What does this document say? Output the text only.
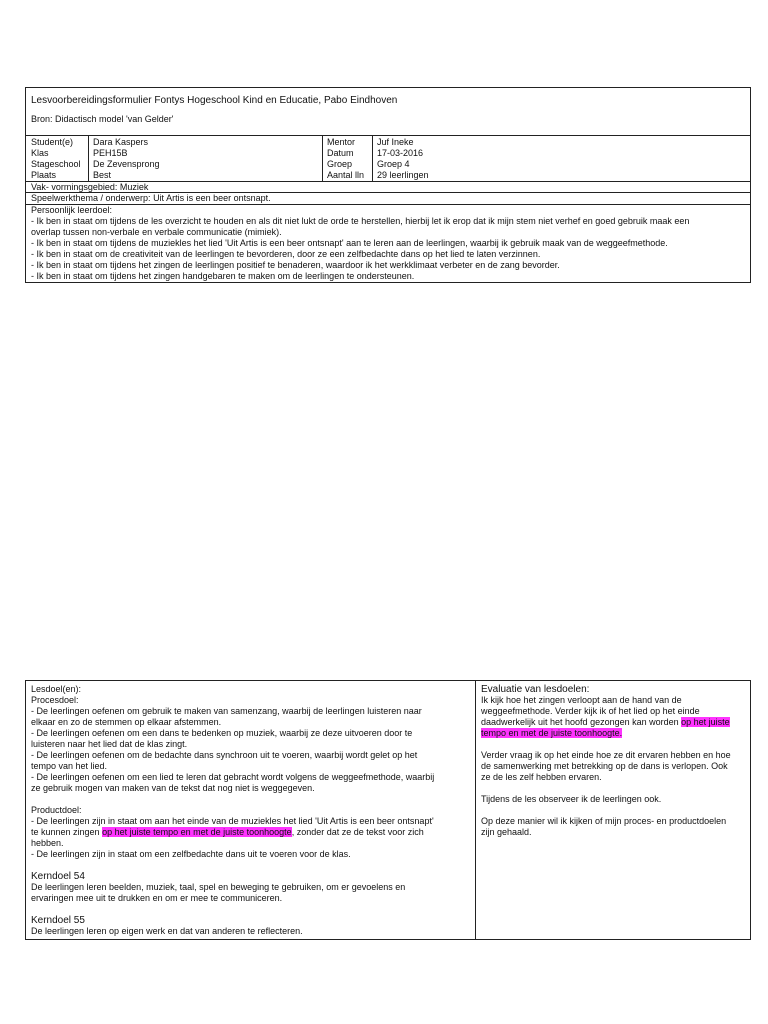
Lesvoorbereidingsformulier Fontys Hogeschool Kind en Educatie, Pabo Eindhoven
Bron: Didactisch model 'van Gelder'
Student(e)
Klas
Stageschool
Plaats
Dara Kaspers
PEH15B
De Zevensprong
Best
Mentor
Datum
Groep
Aantal lln
Juf Ineke
17-03-2016
Groep 4
29 leerlingen
Vak- vormingsgebied: Muziek
Speelwerkthema / onderwerp: Uit Artis is een beer ontsnapt.
Persoonlijk leerdoel:
- Ik ben in staat om tijdens de les overzicht te houden en als dit niet lukt de orde te herstellen, hierbij let ik erop dat ik mijn stem niet verhef en goed gebruik maak een
overlap tussen non-verbale en verbale communicatie (mimiek).
- Ik ben in staat om tijdens de muziekles het lied 'Uit Artis is een beer ontsnapt' aan te leren aan de leerlingen, waarbij ik gebruik maak van de weggeefmethode.
- Ik ben in staat om de creativiteit van de leerlingen te bevorderen, door ze een zelfbedachte dans op het lied te laten verzinnen.
- Ik ben in staat om tijdens het zingen de leerlingen positief te benaderen, waardoor ik het werkklimaat verbeter en de zang bevorder.
- Ik ben in staat om tijdens het zingen handgebaren te maken om de leerlingen te ondersteunen.
Lesdoel(en):
Procesdoel:
- De leerlingen oefenen om gebruik te maken van samenzang, waarbij de leerlingen luisteren naar
elkaar en zo de stemmen op elkaar afstemmen.
- De leerlingen oefenen om een dans te bedenken op muziek, waarbij ze deze uitvoeren door te
luisteren naar het lied dat de klas zingt.
- De leerlingen oefenen om de bedachte dans synchroon uit te voeren, waarbij wordt gelet op het
tempo van het lied.
- De leerlingen oefenen om een lied te leren dat gebracht wordt volgens de weggeefmethode, waarbij
ze gebruik mogen van maken van de tekst dat nog niet is weggegeven.
Productdoel:
- De leerlingen zijn in staat om aan het einde van de muziekles het lied 'Uit Artis is een beer ontsnapt'
te kunnen zingen op het juiste tempo en met de juiste toonhoogte, zonder dat ze de tekst voor zich
hebben.
- De leerlingen zijn in staat om een zelfbedachte dans uit te voeren voor de klas.
Kerndoel 54
De leerlingen leren beelden, muziek, taal, spel en beweging te gebruiken, om er gevoelens en
ervaringen mee uit te drukken en om er mee te communiceren.
Kerndoel 55
De leerlingen leren op eigen werk en dat van anderen te reflecteren.
Evaluatie van lesdoelen:
Ik kijk hoe het zingen verloopt aan de hand van de
weggeefmethode. Verder kijk ik of het lied op het einde
daadwerkelijk uit het hoofd gezongen kan worden op het juiste
tempo en met de juiste toonhoogte.
Verder vraag ik op het einde hoe ze dit ervaren hebben en hoe
de samenwerking met betrekking op de dans is verlopen. Ook
ze de les zelf hebben ervaren.
Tijdens de les observeer ik de leerlingen ook.
Op deze manier wil ik kijken of mijn proces- en productdoelen
zijn gehaald.
